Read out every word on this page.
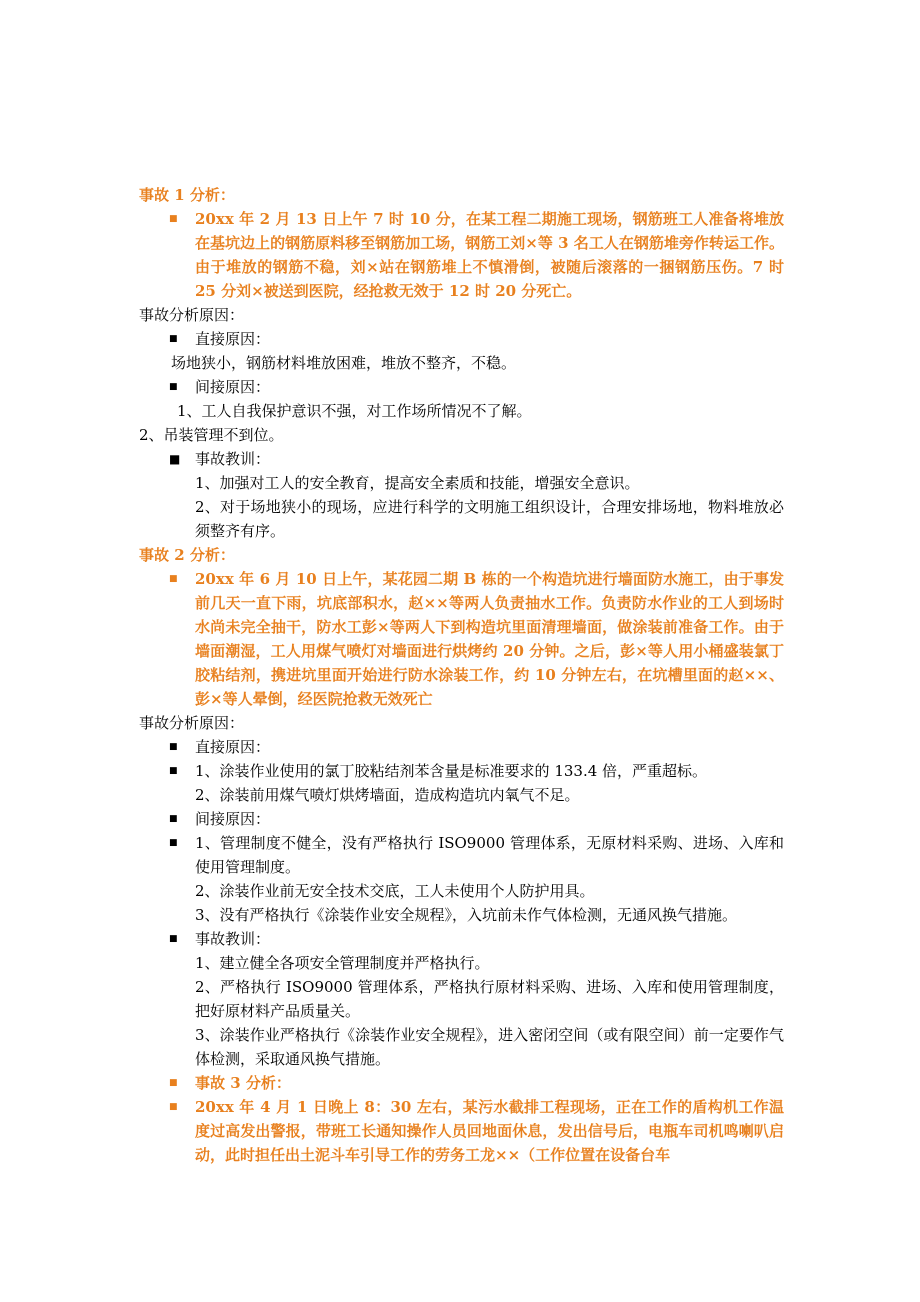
事故 1 分析：
■	20xx 年 2 月 13 日上午 7 时 10 分，在某工程二期施工现场，钢筋班工人准备将堆放在基坑边上的钢筋原料移至钢筋加工场，钢筋工刘×等 3 名工人在钢筋堆旁作转运工作。由于堆放的钢筋不稳，刘×站在钢筋堆上不慎滑倒，被随后滚落的一捆钢筋压伤。7 时 25 分刘×被送到医院，经抢救无效于 12 时 20 分死亡。
事故分析原因：
■	直接原因：
场地狭小，钢筋材料堆放困难，堆放不整齐，不稳。
■	间接原因：
1、工人自我保护意识不强，对工作场所情况不了解。
2、吊装管理不到位。
■ 事故教训：
1、加强对工人的安全教育，提高安全素质和技能，增强安全意识。
2、对于场地狭小的现场，应进行科学的文明施工组织设计，合理安排场地，物料堆放必须整齐有序。
事故 2 分析：
■	20xx 年 6 月 10 日上午，某花园二期 B 栋的一个构造坑进行墙面防水施工，由于事发前几天一直下雨，坑底部积水，赵××等两人负责抽水工作。负责防水作业的工人到场时水尚未完全抽干，防水工彭×等两人下到构造坑里面清理墙面，做涂装前准备工作。由于墙面潮湿，工人用煤气喷灯对墙面进行烘烤约 20 分钟。之后，彭×等人用小桶盛装氯丁胶粘结剂，携进坑里面开始进行防水涂装工作，约 10 分钟左右，在坑槽里面的赵××、彭×等人晕倒，经医院抢救无效死亡
事故分析原因：
■	直接原因：
■	1、涂装作业使用的氯丁胶粘结剂苯含量是标准要求的 133.4 倍，严重超标。
2、涂装前用煤气喷灯烘烤墙面，造成构造坑内氧气不足。
■	间接原因：
■	1、管理制度不健全，没有严格执行 ISO9000 管理体系，无原材料采购、进场、入库和使用管理制度。
2、涂装作业前无安全技术交底，工人未使用个人防护用具。
3、没有严格执行《涂装作业安全规程》，入坑前未作气体检测，无通风换气措施。
■	事故教训：
1、建立健全各项安全管理制度并严格执行。
2、严格执行 ISO9000 管理体系，严格执行原材料采购、进场、入库和使用管理制度，把好原材料产品质量关。
3、涂装作业严格执行《涂装作业安全规程》，进入密闭空间（或有限空间）前一定要作气体检测，采取通风换气措施。
■	事故 3 分析：
■	20xx 年 4 月 1 日晚上 8：30 左右，某污水截排工程现场，正在工作的盾构机工作温度过高发出警报，带班工长通知操作人员回地面休息，发出信号后，电瓶车司机鸣喇叭启动，此时担任出土泥斗车引导工作的劳务工龙××（工作位置在设备台车
